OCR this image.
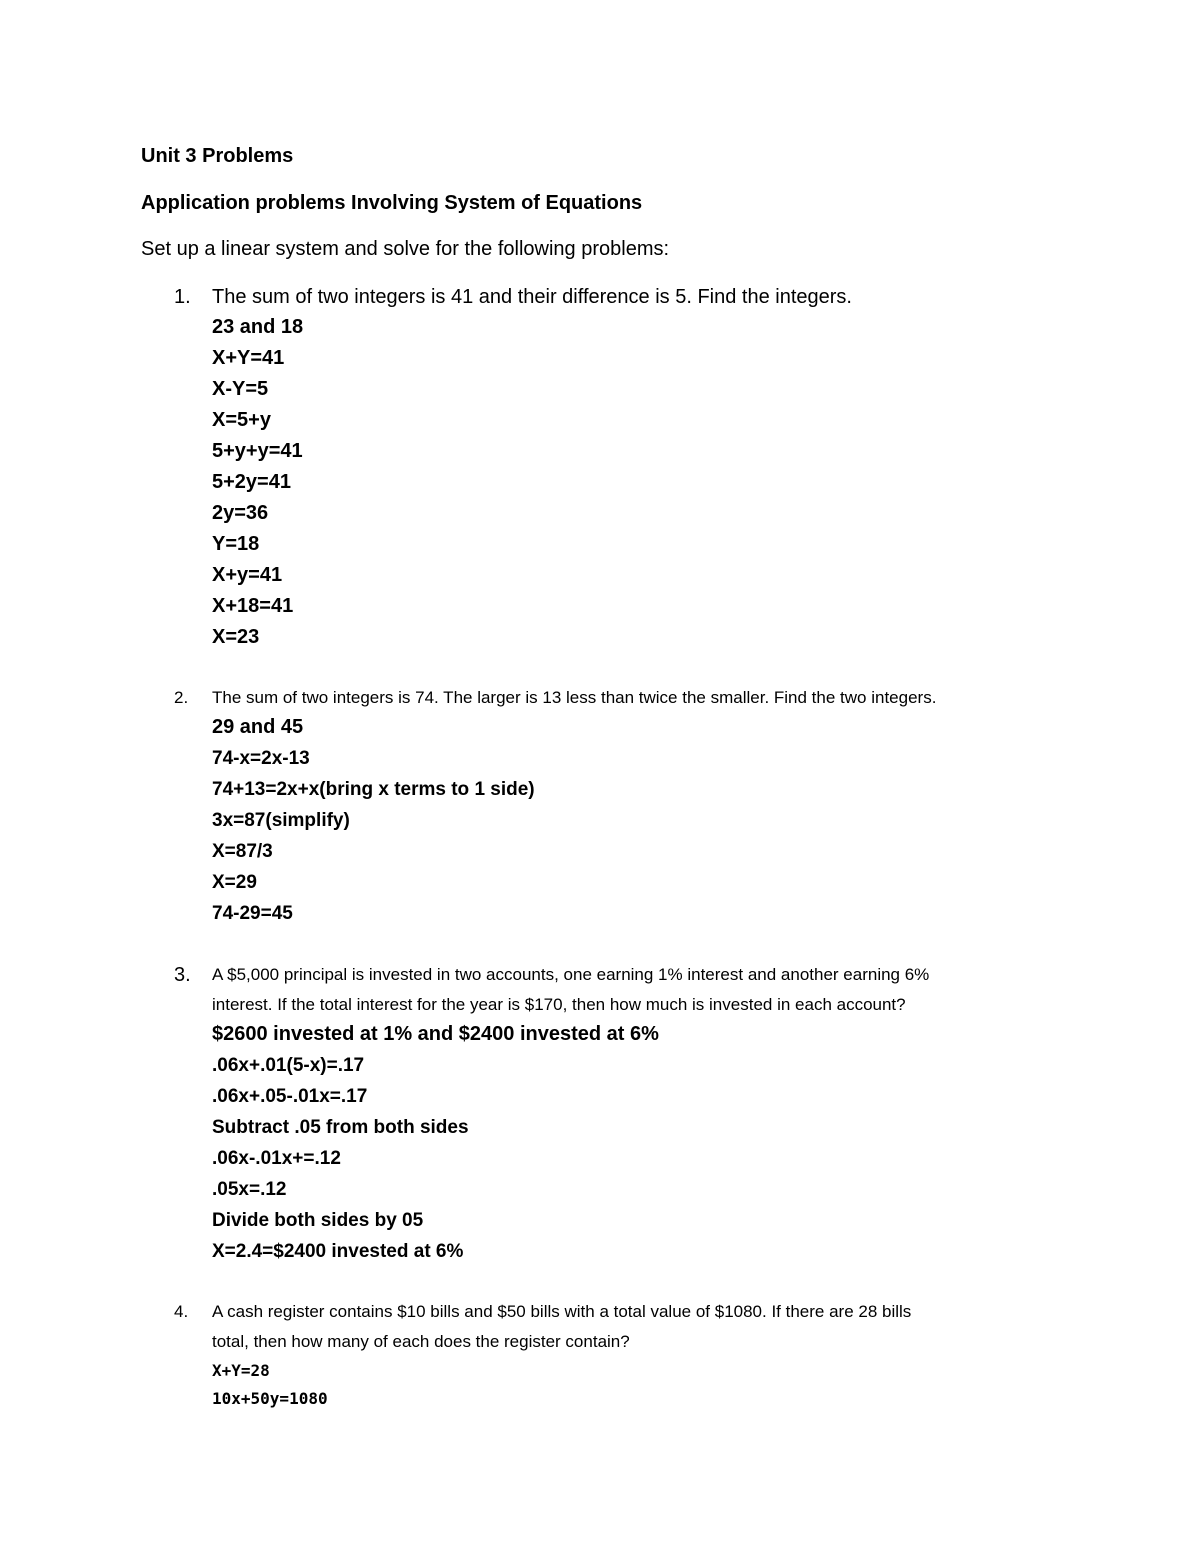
Unit 3 Problems
Application problems Involving System of Equations
Set up a linear system and solve for the following problems:
1. The sum of two integers is 41 and their difference is 5. Find the integers.
23 and 18
X+Y=41
X-Y=5
X=5+y
5+y+y=41
5+2y=41
2y=36
Y=18
X+y=41
X+18=41
X=23
2. The sum of two integers is 74. The larger is 13 less than twice the smaller. Find the two integers.
29 and 45
74-x=2x-13
74+13=2x+x(bring x terms to 1 side)
3x=87(simplify)
X=87/3
X=29
74-29=45
3. A $5,000 principal is invested in two accounts, one earning 1% interest and another earning 6%
interest. If the total interest for the year is $170, then how much is invested in each account?
$2600 invested at 1% and $2400 invested at 6%
.06x+.01(5-x)=.17
.06x+.05-.01x=.17
Subtract .05 from both sides
.06x-.01x+=.12
.05x=.12
Divide both sides by 05
X=2.4=$2400 invested at 6%
4. A cash register contains $10 bills and $50 bills with a total value of $1080. If there are 28 bills
total, then how many of each does the register contain?
X+Y=28
10x+50y=1080
